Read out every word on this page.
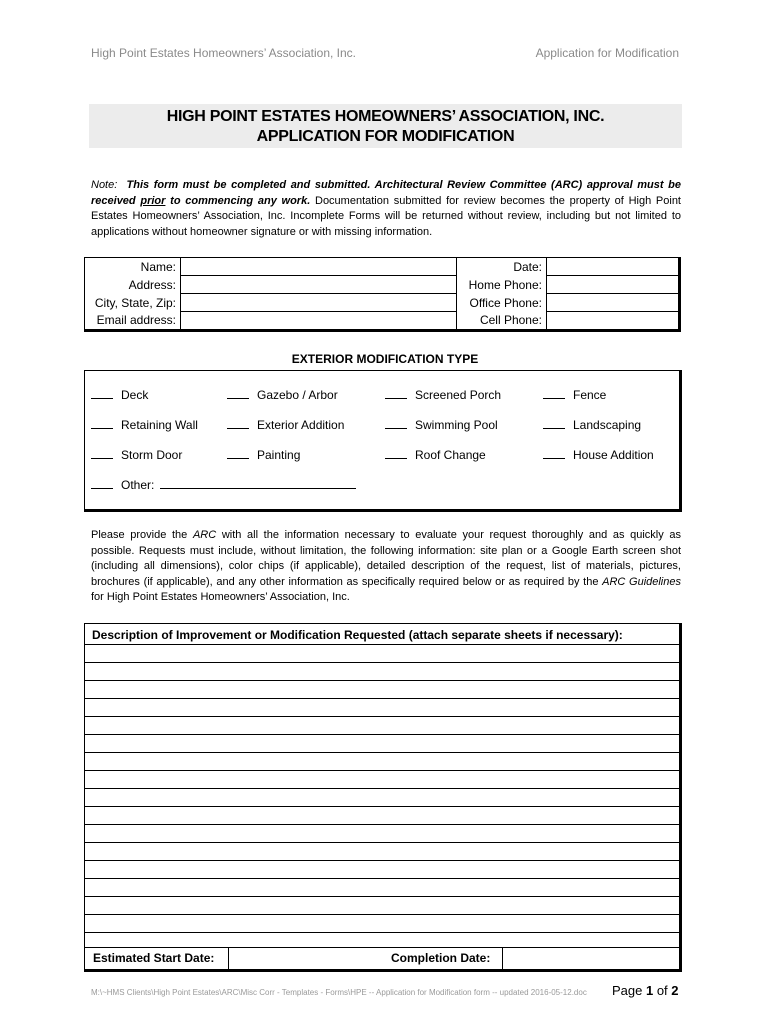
High Point Estates Homeowners’ Association, Inc.	Application for Modification
HIGH POINT ESTATES HOMEOWNERS’ ASSOCIATION, INC.
APPLICATION FOR MODIFICATION
Note: This form must be completed and submitted. Architectural Review Committee (ARC) approval must be received prior to commencing any work. Documentation submitted for review becomes the property of High Point Estates Homeowners’ Association, Inc. Incomplete Forms will be returned without review, including but not limited to applications without homeowner signature or with missing information.
Name:		Date:	
Address:		Home Phone:	
City, State, Zip:		Office Phone:	
Email address:		Cell Phone:	
EXTERIOR MODIFICATION TYPE
Deck	Gazebo / Arbor	Screened Porch	Fence
Retaining Wall	Exterior Addition	Swimming Pool	Landscaping
Storm Door	Painting	Roof Change	House Addition
Other:
Please provide the ARC with all the information necessary to evaluate your request thoroughly and as quickly as possible. Requests must include, without limitation, the following information: site plan or a Google Earth screen shot (including all dimensions), color chips (if applicable), detailed description of the request, list of materials, pictures, brochures (if applicable), and any other information as specifically required below or as required by the ARC Guidelines for High Point Estates Homeowners’ Association, Inc.
Description of Improvement or Modification Requested (attach separate sheets if necessary):
Estimated Start Date:	Completion Date:
M:\~HMS Clients\High Point Estates\ARC\Misc Corr - Templates - Forms\HPE -- Application for Modification form -- updated 2016-05-12.doc Page 1 of 2
